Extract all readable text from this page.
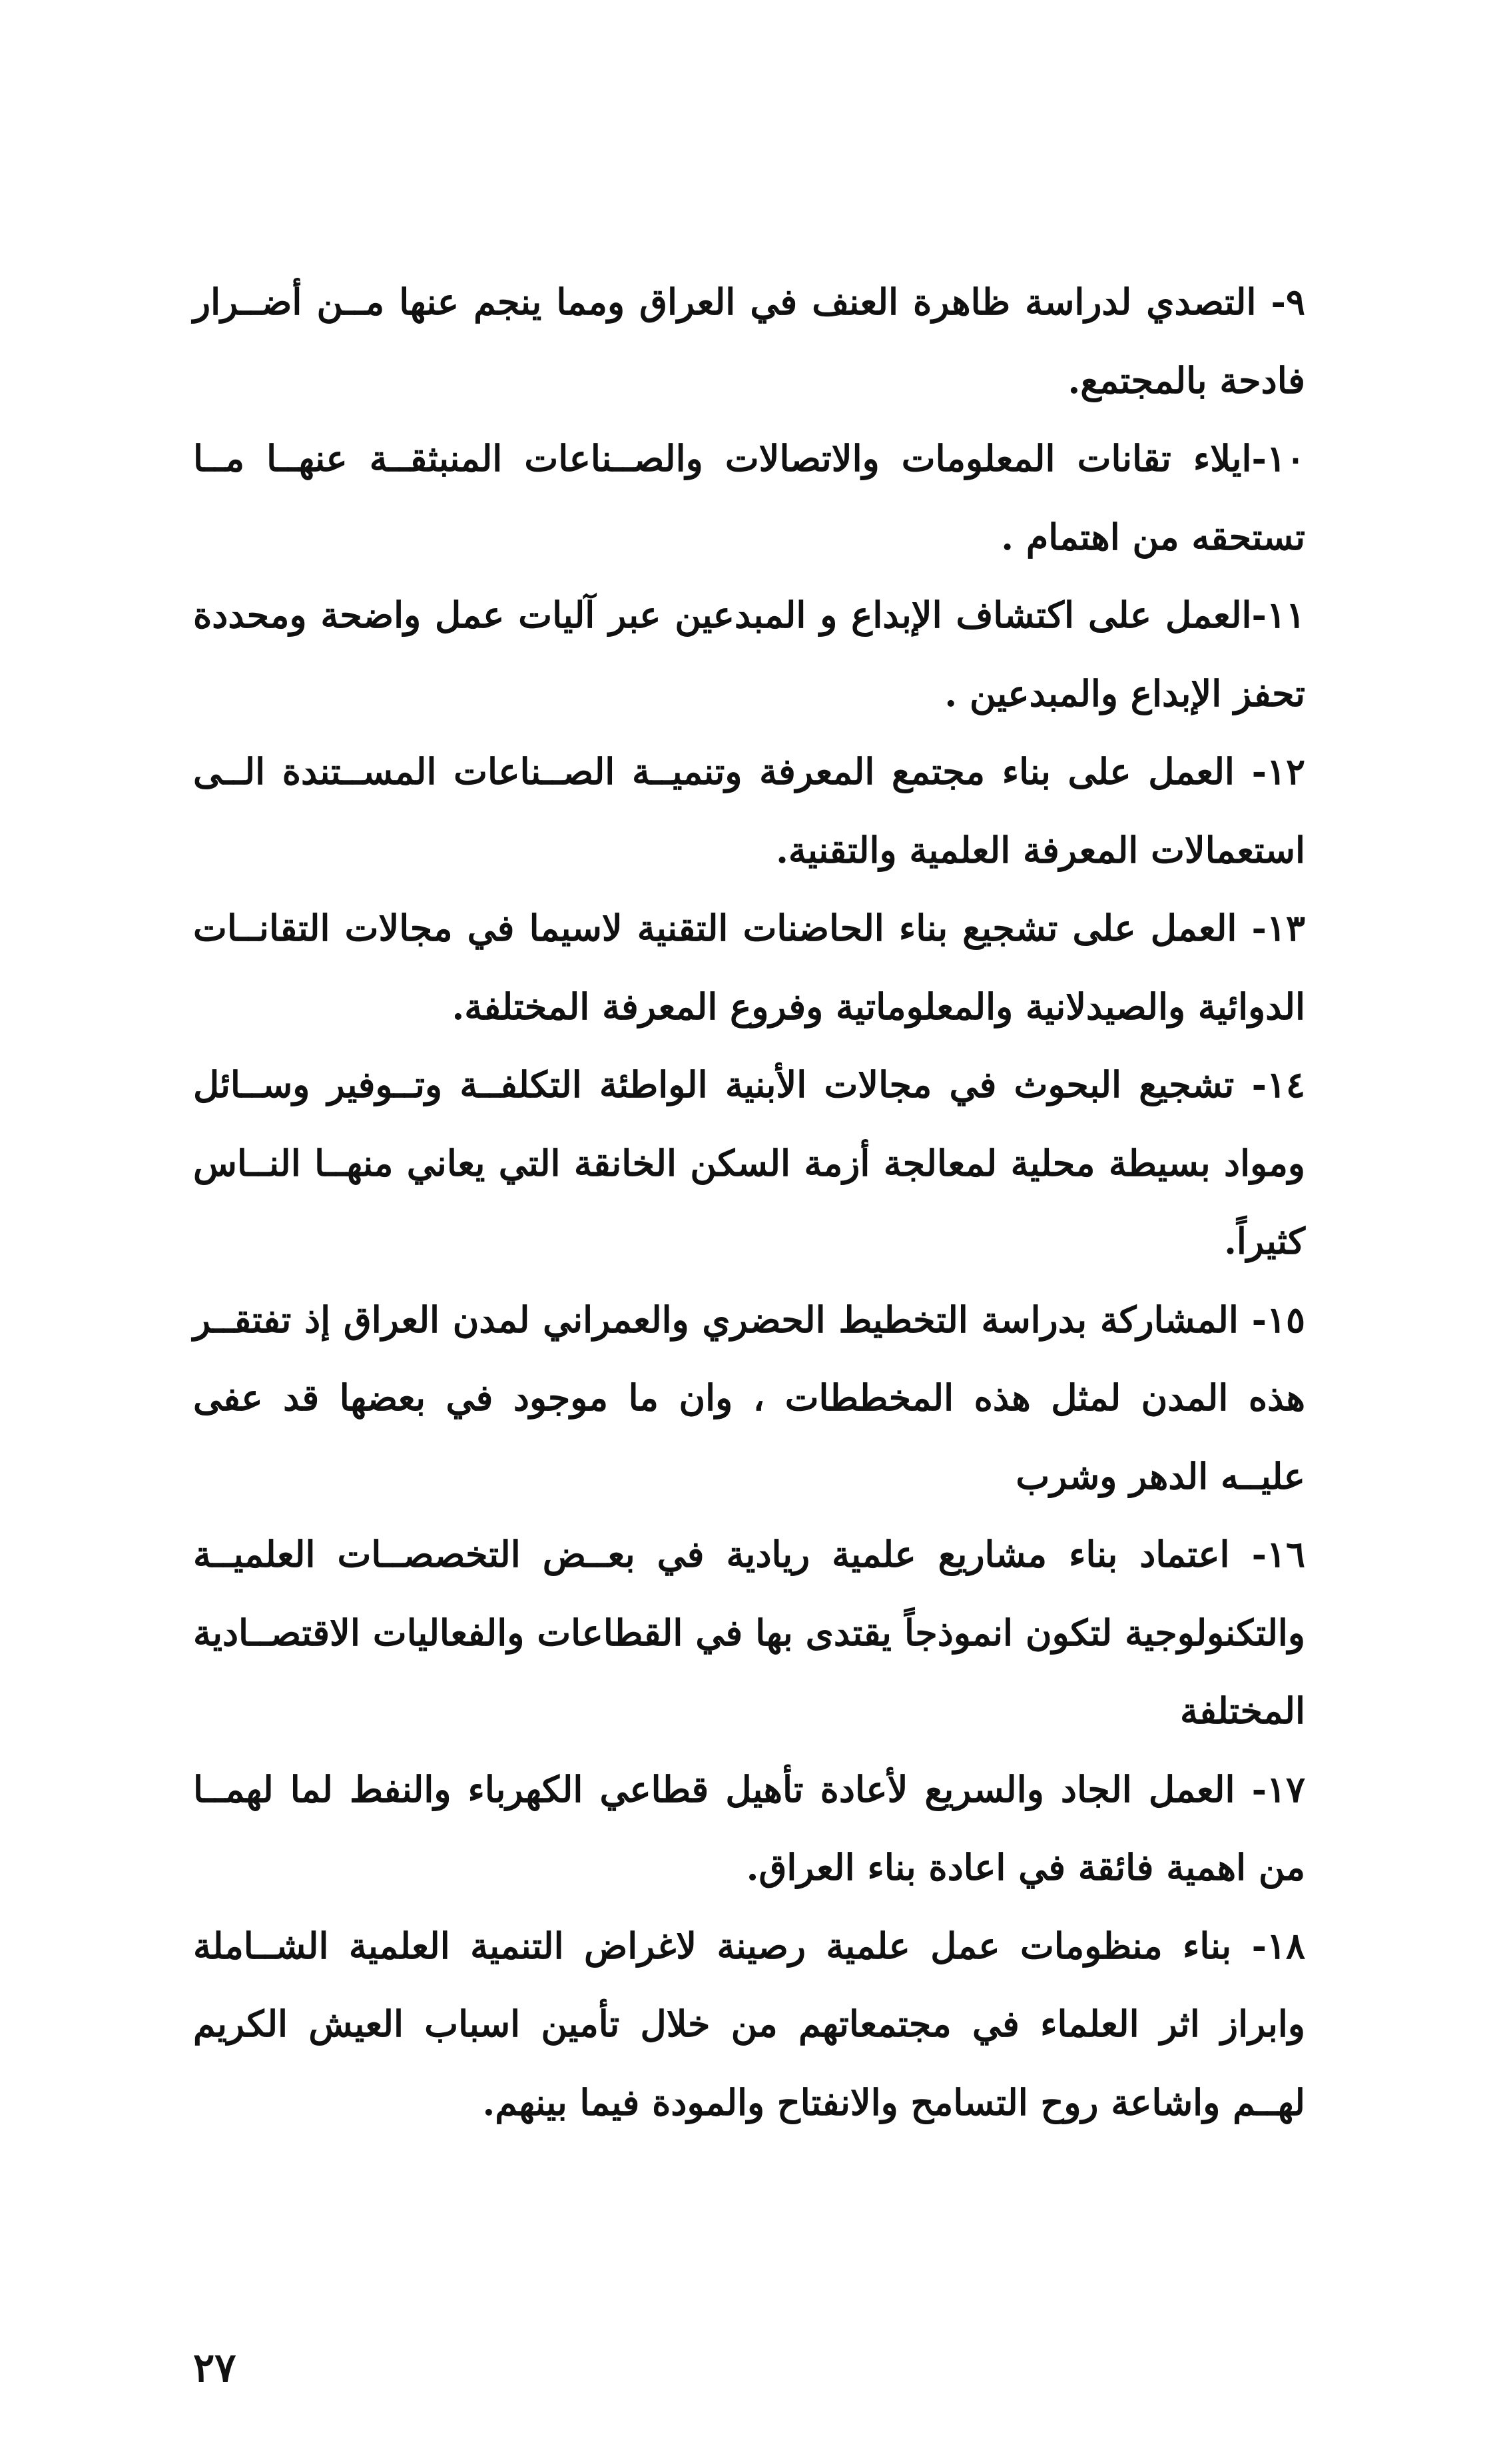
٩- التصدي لدراسة ظاهرة العنف في العراق ومما ينجم عنها مــن أضــرار فادحة بالمجتمع.

١٠-ايلاء تقانات المعلومات والاتصالات والصــناعات المنبثقــة عنهــا مــا تستحقه من اهتمام .

١١-العمل على اكتشاف الإبداع و المبدعين عبر آليات عمل واضحة ومحددة تحفز الإبداع والمبدعين .

١٢- العمل على بناء مجتمع المعرفة وتنميــة الصــناعات المســتندة الــى استعمالات المعرفة العلمية والتقنية.

١٣- العمل على تشجيع بناء الحاضنات التقنية لاسيما في مجالات التقانــات الدوائية والصيدلانية والمعلوماتية وفروع المعرفة المختلفة.

١٤- تشجيع البحوث في مجالات الأبنية الواطئة التكلفــة وتــوفير وســائل ومواد بسيطة محلية لمعالجة أزمة السكن الخانقة التي يعاني منهــا النــاس كثيراً.

١٥- المشاركة بدراسة التخطيط الحضري والعمراني لمدن العراق إذ تفتقــر هذه المدن لمثل هذه المخططات ، وان ما موجود في بعضها قد عفى عليــه الدهر وشرب

١٦- اعتماد بناء مشاريع علمية ريادية في بعــض التخصصــات العلميــة والتكنولوجية لتكون انموذجاً يقتدى بها في القطاعات والفعاليات الاقتصــادية المختلفة

١٧- العمل الجاد والسريع لأعادة تأهيل قطاعي الكهرباء والنفط لما لهمــا من اهمية فائقة في اعادة بناء العراق.

١٨- بناء منظومات عمل علمية رصينة لاغراض التنمية العلمية الشــاملة وابراز اثر العلماء في مجتمعاتهم من خلال تأمين اسباب العيش الكريم لهــم واشاعة روح التسامح والانفتاح والمودة فيما بينهم.

٢٧
